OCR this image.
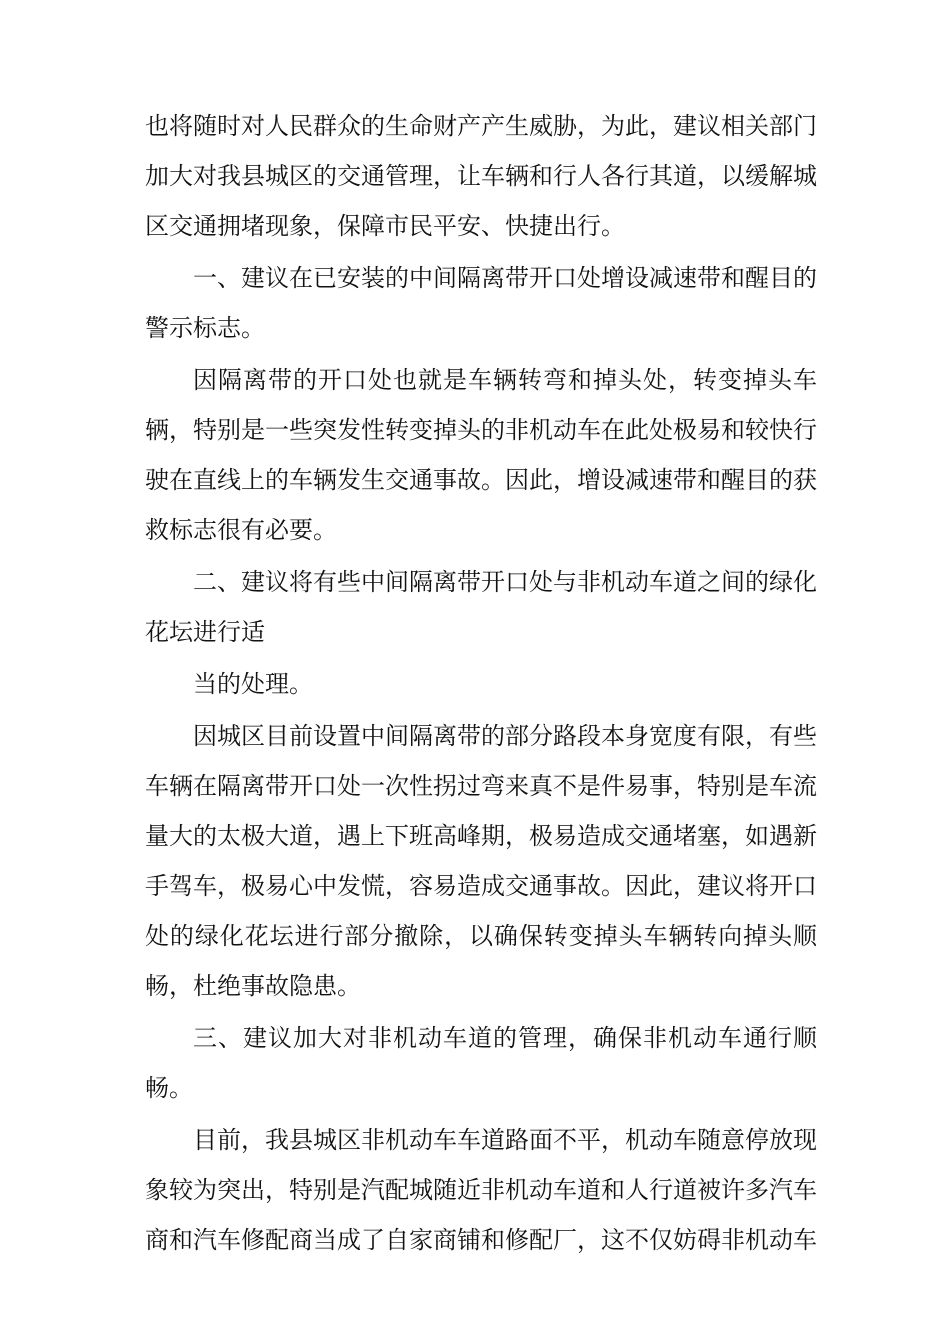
也将随时对人民群众的生命财产产生威胁，为此，建议相关部门加大对我县城区的交通管理，让车辆和行人各行其道，以缓解城区交通拥堵现象，保障市民平安、快捷出行。

一、建议在已安装的中间隔离带开口处增设减速带和醒目的警示标志。

因隔离带的开口处也就是车辆转弯和掉头处，转变掉头车辆，特别是一些突发性转变掉头的非机动车在此处极易和较快行驶在直线上的车辆发生交通事故。因此，增设减速带和醒目的获救标志很有必要。

二、建议将有些中间隔离带开口处与非机动车道之间的绿化花坛进行适

当的处理。

因城区目前设置中间隔离带的部分路段本身宽度有限，有些车辆在隔离带开口处一次性拐过弯来真不是件易事，特别是车流量大的太极大道，遇上下班高峰期，极易造成交通堵塞，如遇新手驾车，极易心中发慌，容易造成交通事故。因此，建议将开口处的绿化花坛进行部分撤除，以确保转变掉头车辆转向掉头顺畅，杜绝事故隐患。

三、建议加大对非机动车道的管理，确保非机动车通行顺畅。

目前，我县城区非机动车车道路面不平，机动车随意停放现象较为突出，特别是汽配城随近非机动车道和人行道被许多汽车商和汽车修配商当成了自家商铺和修配厂，这不仅妨碍非机动车
